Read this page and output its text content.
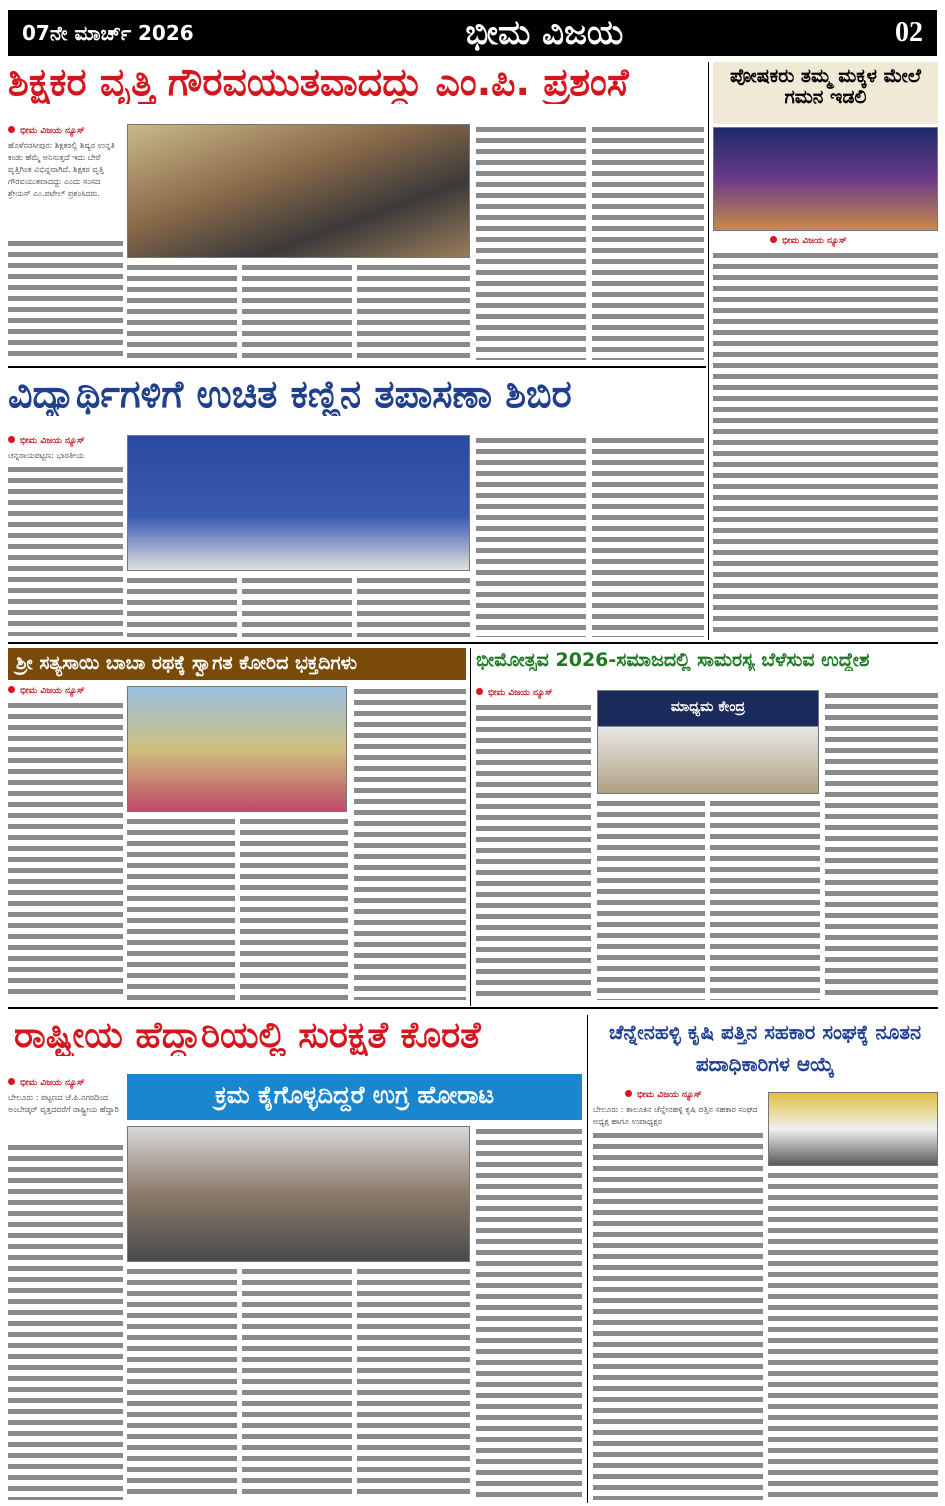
07ನೇ ಮಾರ್ಚ್ 2026	ಭೀಮ ವಿಜಯ	02
ಶಿಕ್ಷಕರ ವೃತ್ತಿ ಗೌರವಯುತವಾದದ್ದು ಎಂ.ಪಿ. ಪ್ರಶಂಸೆ
ಭೀಮ ವಿಜಯ ನ್ಯೂಸ್
ಹೊಳೆನರಸೀಪುರ: ಶಿಕ್ಷಕರಲ್ಲಿ ಶಿಷ್ಯರ ಉನ್ನತಿ ಕಂಡು ಹೆಮ್ಮೆ ಅನಿಸುತ್ತದೆ ಇದು ಬೇರೆ ವೃತ್ತಿಗಿಂತ ವಿಭಿನ್ನವಾಗಿದೆ. ಶಿಕ್ಷಕರ ವೃತ್ತಿ ಗೌರವಯುತವಾದದ್ದು ಎಂದು ಸಂಸದ ಶ್ರೇಯಸ್ ಎಂ.ಪಟೇಲ್ ಪ್ರಶಂಸಿದರು.
ಪೋಷಕರು ತಮ್ಮ ಮಕ್ಕಳ ಮೇಲೆ ಗಮನ ಇಡಲಿ
ಭೀಮ ವಿಜಯ ನ್ಯೂಸ್
ವಿದ್ಯಾರ್ಥಿಗಳಿಗೆ ಉಚಿತ ಕಣ್ಣಿನ ತಪಾಸಣಾ ಶಿಬಿರ
ಭೀಮ ವಿಜಯ ನ್ಯೂಸ್
ಚನ್ನರಾಯಪಟ್ಟಣ: ಭಾರತೀಯ
ಶ್ರೀ ಸತ್ಯಸಾಯಿ ಬಾಬಾ ರಥಕ್ಕೆ ಸ್ವಾಗತ ಕೋರಿದ ಭಕ್ತದಿಗಳು
ಭೀಮ ವಿಜಯ ನ್ಯೂಸ್
ಭೀಮೋತ್ಸವ 2026-ಸಮಾಜದಲ್ಲಿ ಸಾಮರಸ್ಯ ಬೆಳೆಸುವ ಉದ್ದೇಶ
ಭೀಮ ವಿಜಯ ನ್ಯೂಸ್
ಮಾಧ್ಯಮ ಕೇಂದ್ರ
ರಾಷ್ಟ್ರೀಯ ಹೆದ್ದಾರಿಯಲ್ಲಿ ಸುರಕ್ಷತೆ ಕೊರತೆ
ಭೀಮ ವಿಜಯ ನ್ಯೂಸ್
ಬೇಲೂರು : ಪಟ್ಟಣದ ಜೆ.ಪಿ.ನಗರದಿಂದ ಅಂಬೇಡ್ಕರ್ ವೃತ್ತದವರೆಗೆ ರಾಷ್ಟ್ರೀಯ ಹೆದ್ದಾರಿ
ಕ್ರಮ ಕೈಗೊಳ್ಳದಿದ್ದರೆ ಉಗ್ರ ಹೋರಾಟ
ಚೆನ್ನೇನಹಳ್ಳಿ ಕೃಷಿ ಪತ್ತಿನ ಸಹಕಾರ ಸಂಘಕ್ಕೆ ನೂತನ ಪದಾಧಿಕಾರಿಗಳ ಆಯ್ಕೆ
ಭೀಮ ವಿಜಯ ನ್ಯೂಸ್
ಬೇಲೂರು : ತಾಲೂಕಿನ ಚೆನ್ನೇನಹಳ್ಳಿ ಕೃಷಿ ಪತ್ತಿನ ಸಹಕಾರ ಸಂಘದ ಅಧ್ಯಕ್ಷ ಹಾಗೂ ಉಪಾಧ್ಯಕ್ಷರ
